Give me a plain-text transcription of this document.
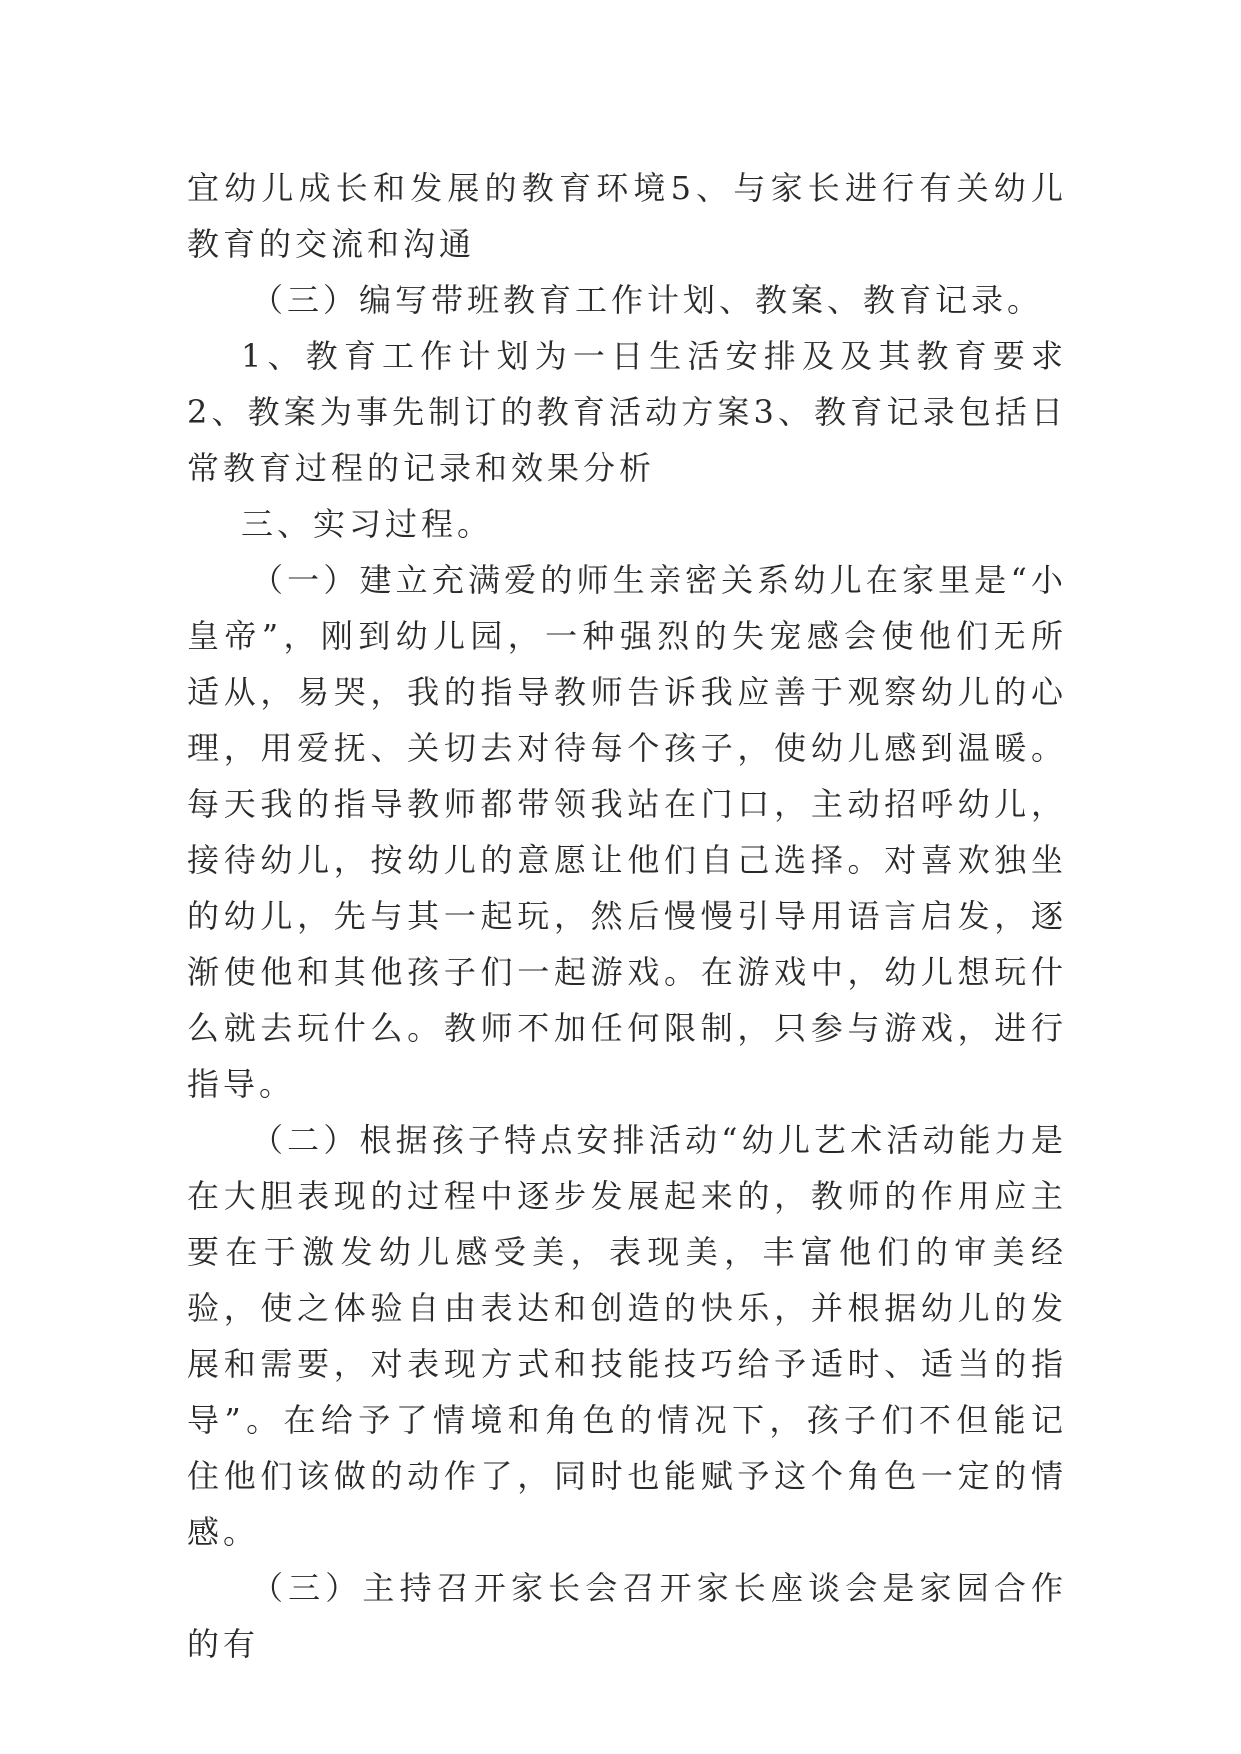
宜幼儿成长和发展的教育环境5、与家长进行有关幼儿教育的交流和沟通

（三）编写带班教育工作计划、教案、教育记录。

1、教育工作计划为一日生活安排及及其教育要求2、教案为事先制订的教育活动方案3、教育记录包括日常教育过程的记录和效果分析

三、实习过程。

（一）建立充满爱的师生亲密关系幼儿在家里是“小皇帝”，刚到幼儿园，一种强烈的失宠感会使他们无所适从，易哭，我的指导教师告诉我应善于观察幼儿的心理，用爱抚、关切去对待每个孩子，使幼儿感到温暖。每天我的指导教师都带领我站在门口，主动招呼幼儿，接待幼儿，按幼儿的意愿让他们自己选择。对喜欢独坐的幼儿，先与其一起玩，然后慢慢引导用语言启发，逐渐使他和其他孩子们一起游戏。在游戏中，幼儿想玩什么就去玩什么。教师不加任何限制，只参与游戏，进行指导。

（二）根据孩子特点安排活动“幼儿艺术活动能力是在大胆表现的过程中逐步发展起来的，教师的作用应主要在于激发幼儿感受美，表现美，丰富他们的审美经验，使之体验自由表达和创造的快乐，并根据幼儿的发展和需要，对表现方式和技能技巧给予适时、适当的指导”。在给予了情境和角色的情况下，孩子们不但能记住他们该做的动作了，同时也能赋予这个角色一定的情感。

（三）主持召开家长会召开家长座谈会是家园合作的有
